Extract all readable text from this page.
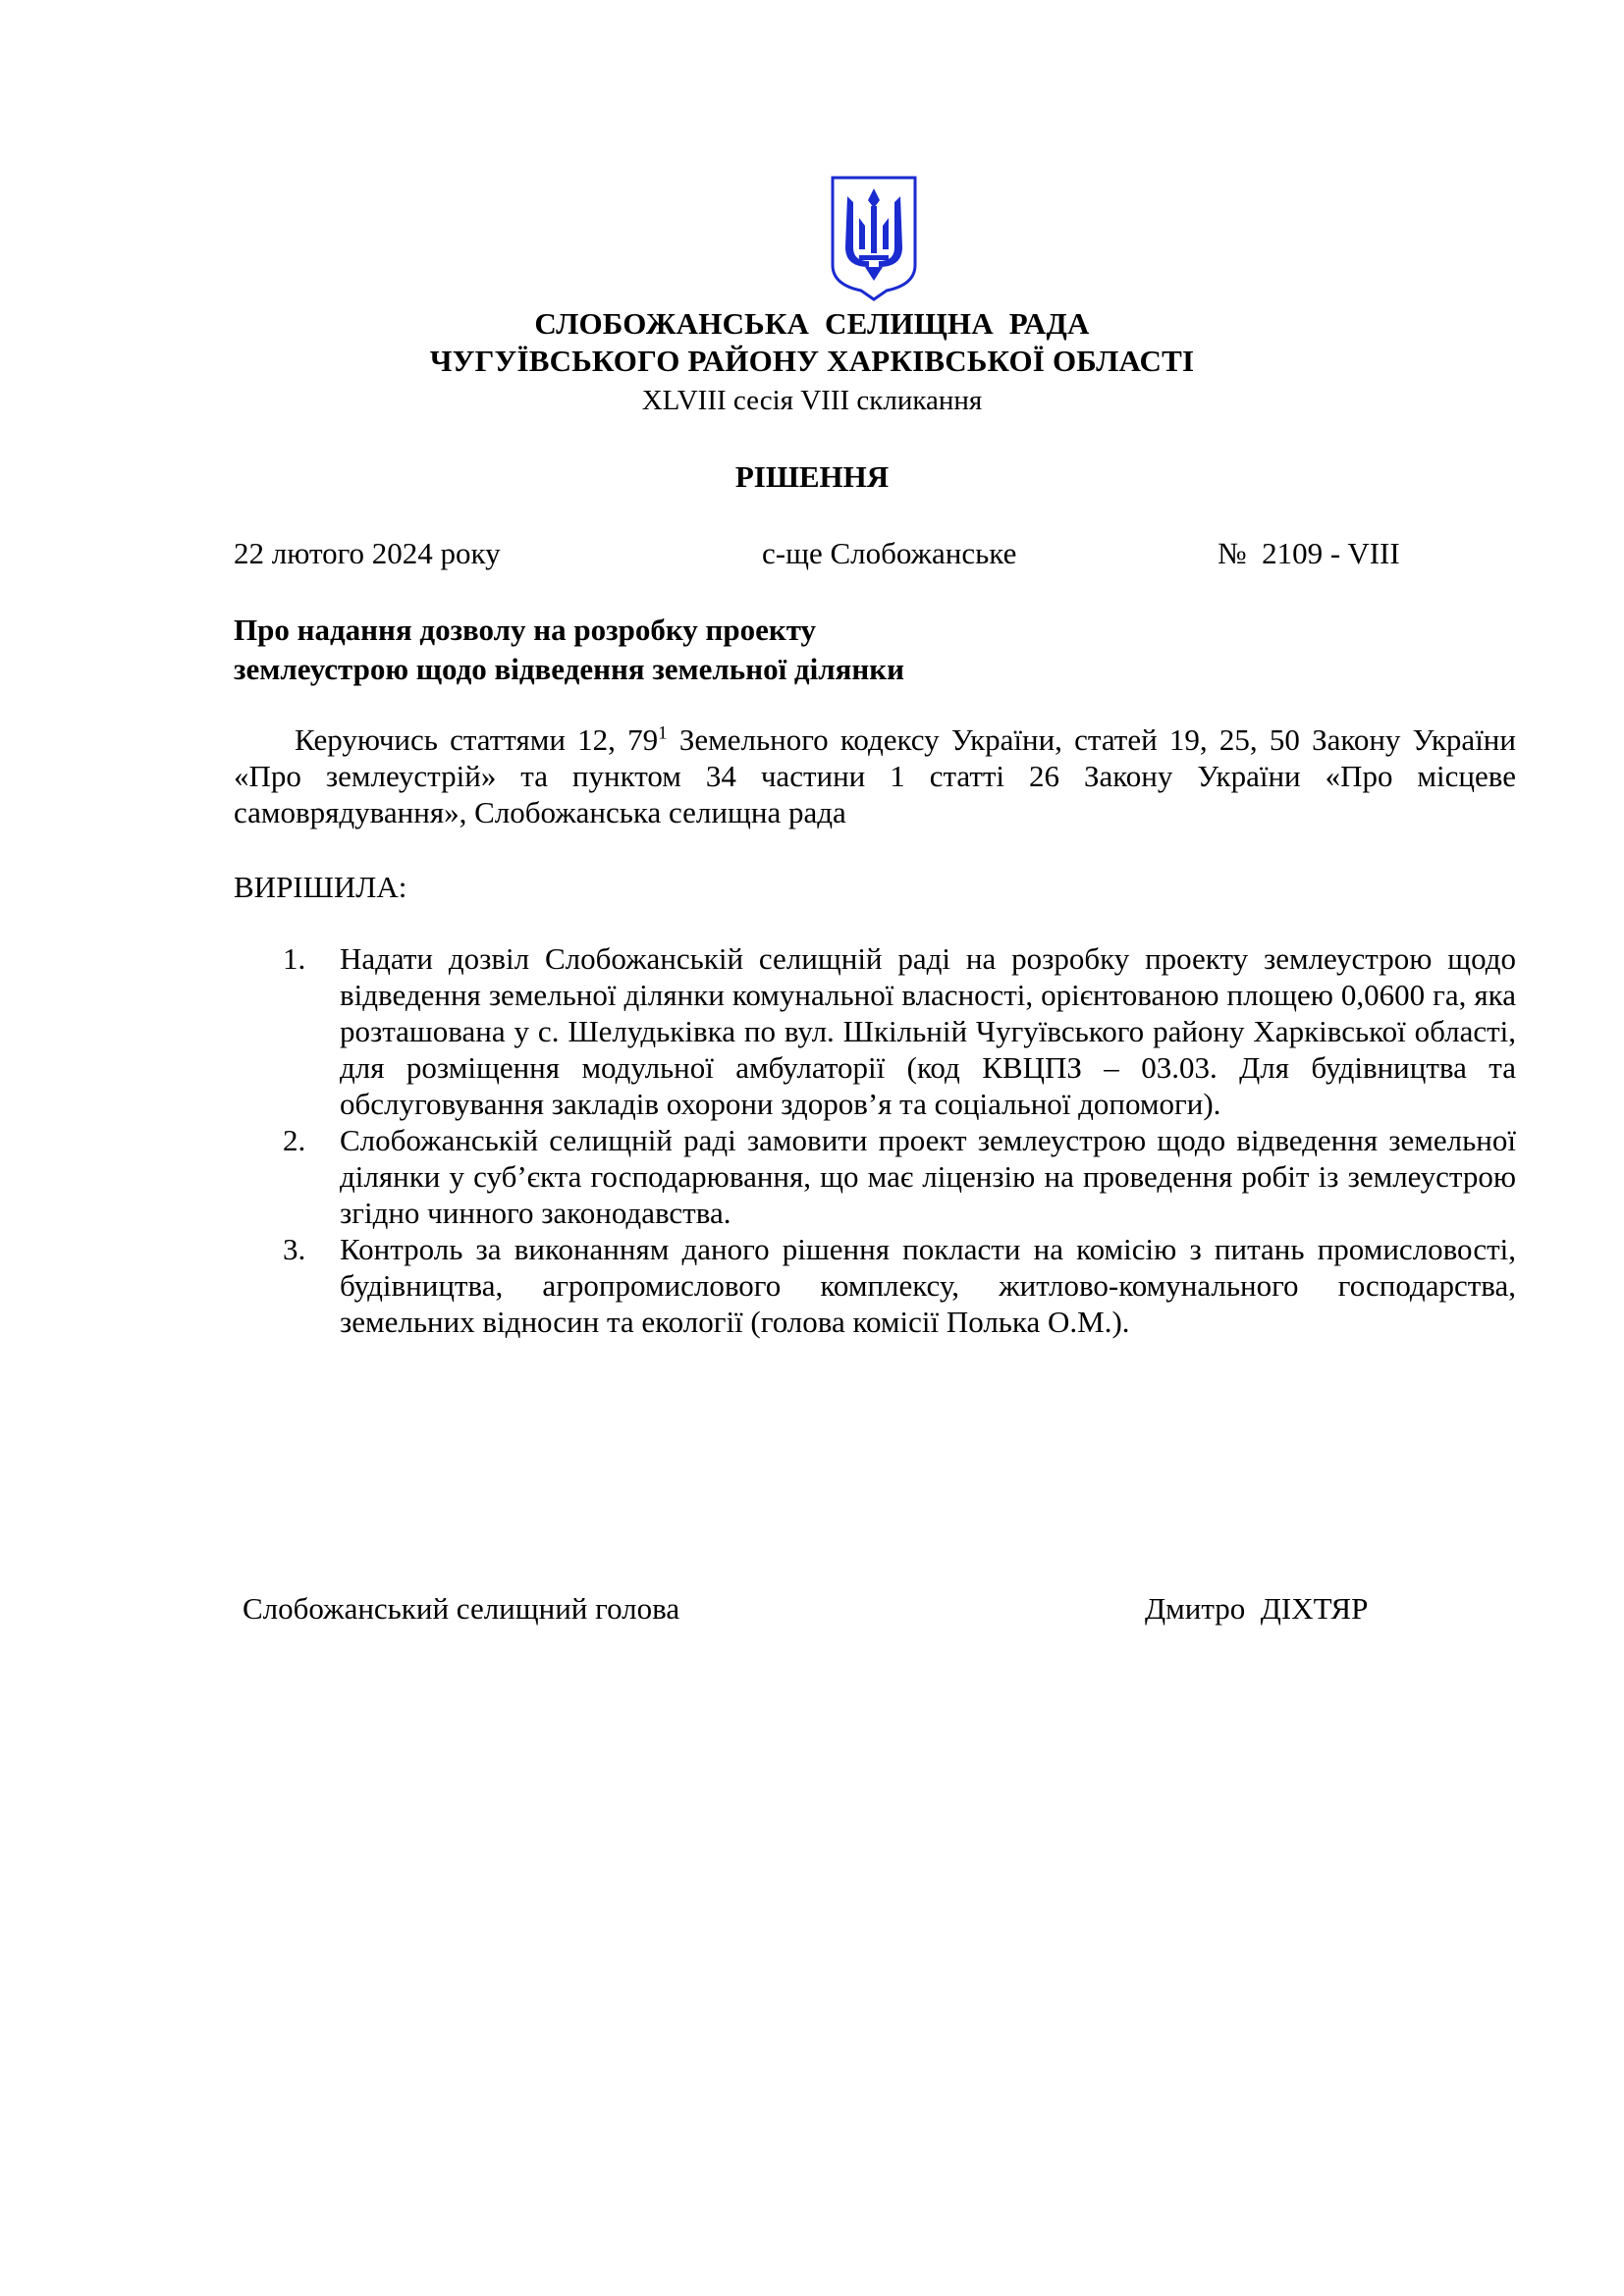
СЛОБОЖАНСЬКА  СЕЛИЩНА  РАДА
ЧУГУЇВСЬКОГО РАЙОНУ ХАРКІВСЬКОЇ ОБЛАСТІ
XLVIII сесія VIII скликання
РІШЕННЯ
22 лютого 2024 року	с-ще Слобожанське	№  2109 - VIII
Про надання дозволу на розробку проекту
землеустрою щодо відведення земельної ділянки
Керуючись статтями 12, $79^1$ Земельного кодексу України, статей 19, 25, 50 Закону України «Про землеустрій» та пунктом 34 частини 1 статті 26 Закону України «Про місцеве самоврядування», Слобожанська селищна рада
ВИРІШИЛА:
1. Надати дозвіл Слобожанській селищній раді на розробку проекту землеустрою щодо відведення земельної ділянки комунальної власності, орієнтованою площею 0,0600 га, яка розташована у с. Шелудьківка по вул. Шкільній Чугуївського району Харківської області, для розміщення модульної амбулаторії (код КВЦПЗ – 03.03. Для будівництва та обслуговування закладів охорони здоров’я та соціальної допомоги).
2. Слобожанській селищній раді замовити проект землеустрою щодо відведення земельної ділянки у суб’єкта господарювання, що має ліцензію на проведення робіт із землеустрою згідно чинного законодавства.
3. Контроль за виконанням даного рішення покласти на комісію з питань промисловості, будівництва, агропромислового комплексу, житлово-комунального господарства, земельних відносин та екології (голова комісії Полька О.М.).
Слобожанський селищний голова	Дмитро  ДІХТЯР
